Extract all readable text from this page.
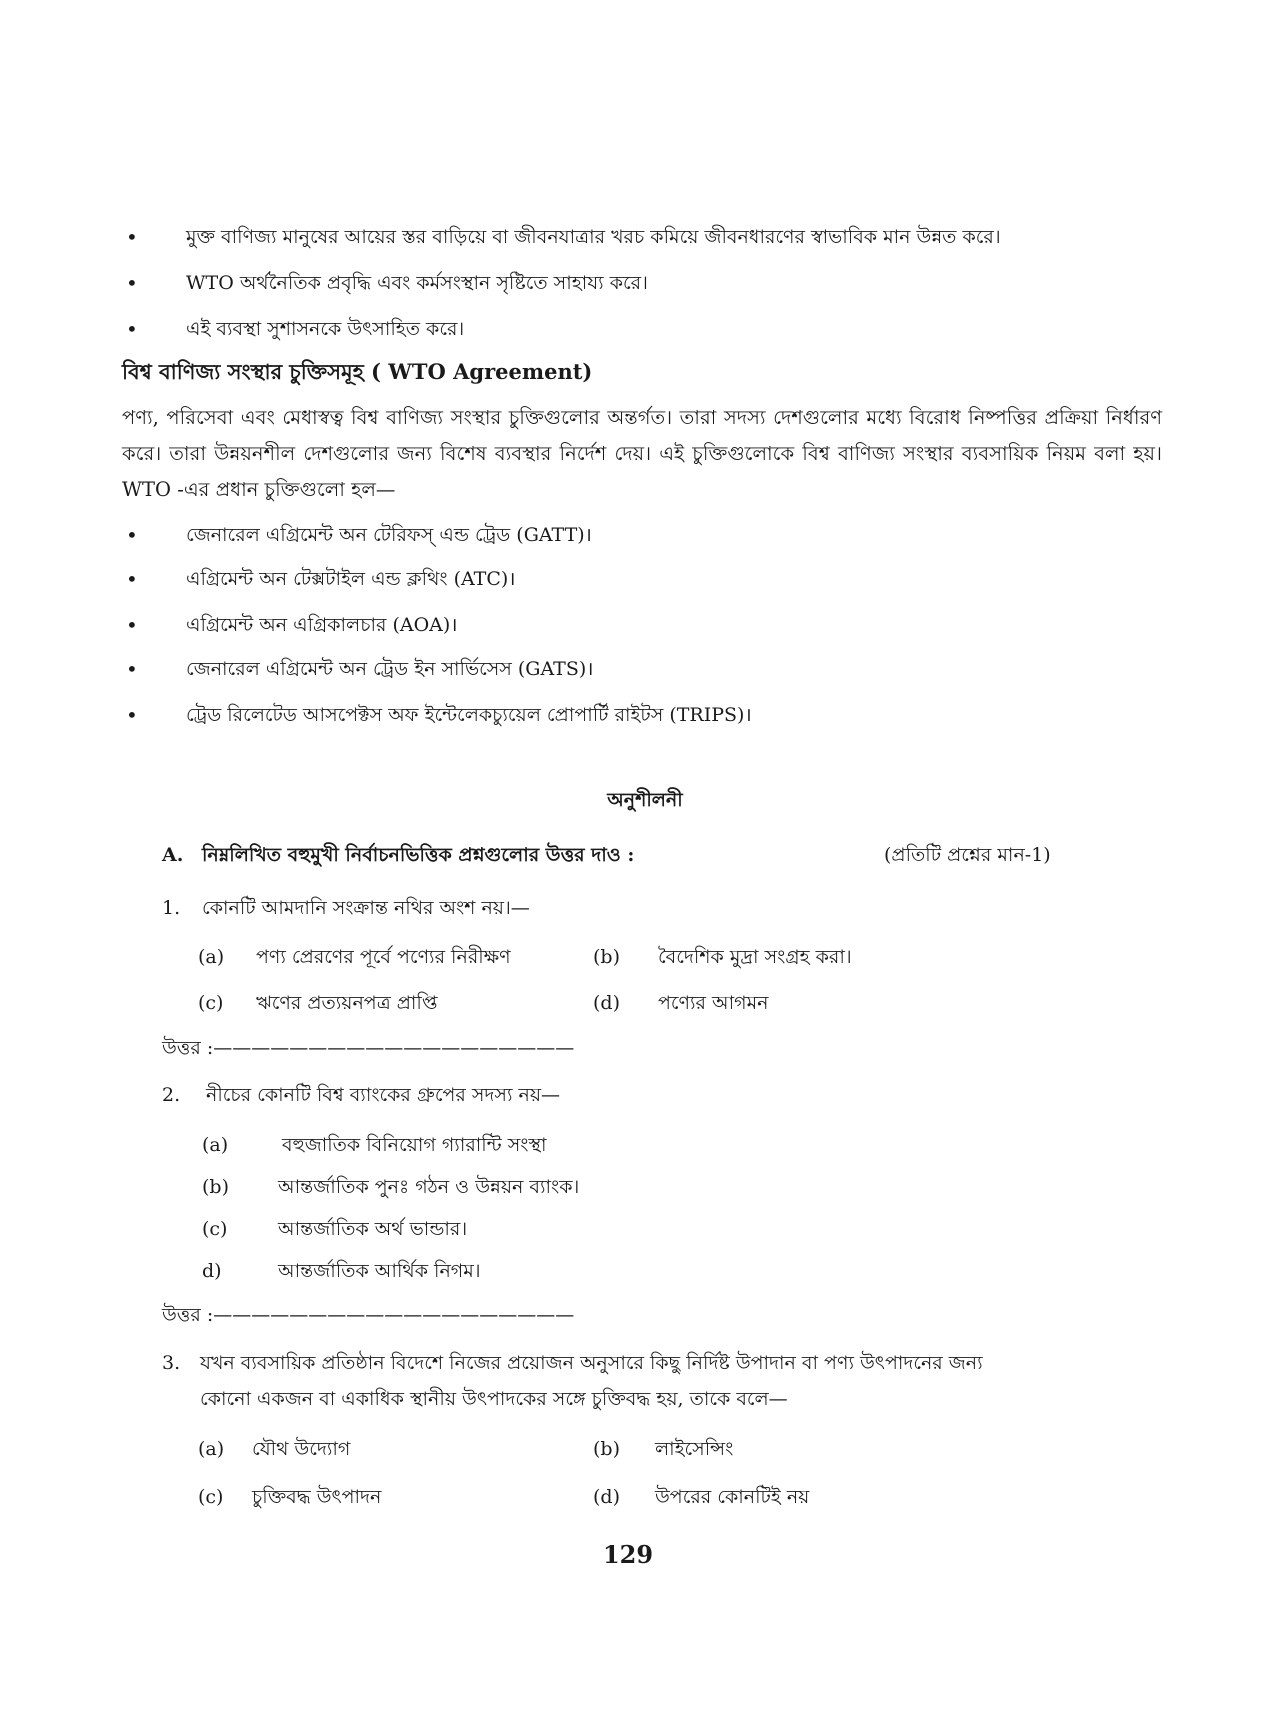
•	মুক্ত বাণিজ্য মানুষের আয়ের স্তর বাড়িয়ে বা জীবনযাত্রার খরচ কমিয়ে জীবনধারণের স্বাভাবিক মান উন্নত করে।
•	WTO অর্থনৈতিক প্রবৃদ্ধি এবং কর্মসংস্থান সৃষ্টিতে সাহায্য করে।
•	এই ব্যবস্থা সুশাসনকে উৎসাহিত করে।
বিশ্ব বাণিজ্য সংস্থার চুক্তিসমূহ ( WTO Agreement)
পণ্য, পরিসেবা এবং মেধাস্বত্ব বিশ্ব বাণিজ্য সংস্থার চুক্তিগুলোর অন্তর্গত। তারা সদস্য দেশগুলোর মধ্যে বিরোধ নিষ্পত্তির প্রক্রিয়া নির্ধারণ করে। তারা উন্নয়নশীল দেশগুলোর জন্য বিশেষ ব্যবস্থার নির্দেশ দেয়। এই চুক্তিগুলোকে বিশ্ব বাণিজ্য সংস্থার ব্যবসায়িক নিয়ম বলা হয়। WTO -এর প্রধান চুক্তিগুলো হল—
•	জেনারেল এগ্রিমেন্ট অন টেরিফস্ এন্ড ট্রেড (GATT)।
•	এগ্রিমেন্ট অন টেক্সটাইল এন্ড ক্লথিং (ATC)।
•	এগ্রিমেন্ট অন এগ্রিকালচার (AOA)।
•	জেনারেল এগ্রিমেন্ট অন ট্রেড ইন সার্ভিসেস (GATS)।
•	ট্রেড রিলেটেড আসপেক্টস অফ ইন্টেলেকচ্যুয়েল প্রোপার্টি রাইটস (TRIPS)।
অনুশীলনী
A. নিম্নলিখিত বহুমুখী নির্বাচনভিত্তিক প্রশ্নগুলোর উত্তর দাও :	(প্রতিটি প্রশ্নের মান-1)
1. কোনটি আমদানি সংক্রান্ত নথির অংশ নয়।—
(a) পণ্য প্রেরণের পূর্বে পণ্যের নিরীক্ষণ	(b) বৈদেশিক মুদ্রা সংগ্রহ করা।
(c) ঋণের প্রত্যয়নপত্র প্রাপ্তি	(d) পণ্যের আগমন
উত্তর :———————————————————
2. নীচের কোনটি বিশ্ব ব্যাংকের গ্রুপের সদস্য নয়—
(a)	বহুজাতিক বিনিয়োগ গ্যারান্টি সংস্থা
(b)	আন্তর্জাতিক পুনঃ গঠন ও উন্নয়ন ব্যাংক।
(c)	আন্তর্জাতিক অর্থ ভান্ডার।
d)	আন্তর্জাতিক আর্থিক নিগম।
উত্তর :———————————————————
3. যখন ব্যবসায়িক প্রতিষ্ঠান বিদেশে নিজের প্রয়োজন অনুসারে কিছু নির্দিষ্ট উপাদান বা পণ্য উৎপাদনের জন্য
কোনো একজন বা একাধিক স্থানীয় উৎপাদকের সঙ্গে চুক্তিবদ্ধ হয়, তাকে বলে—
(a) যৌথ উদ্যোগ	(b) লাইসেন্সিং
(c) চুক্তিবদ্ধ উৎপাদন	(d) উপরের কোনটিই নয়
129
